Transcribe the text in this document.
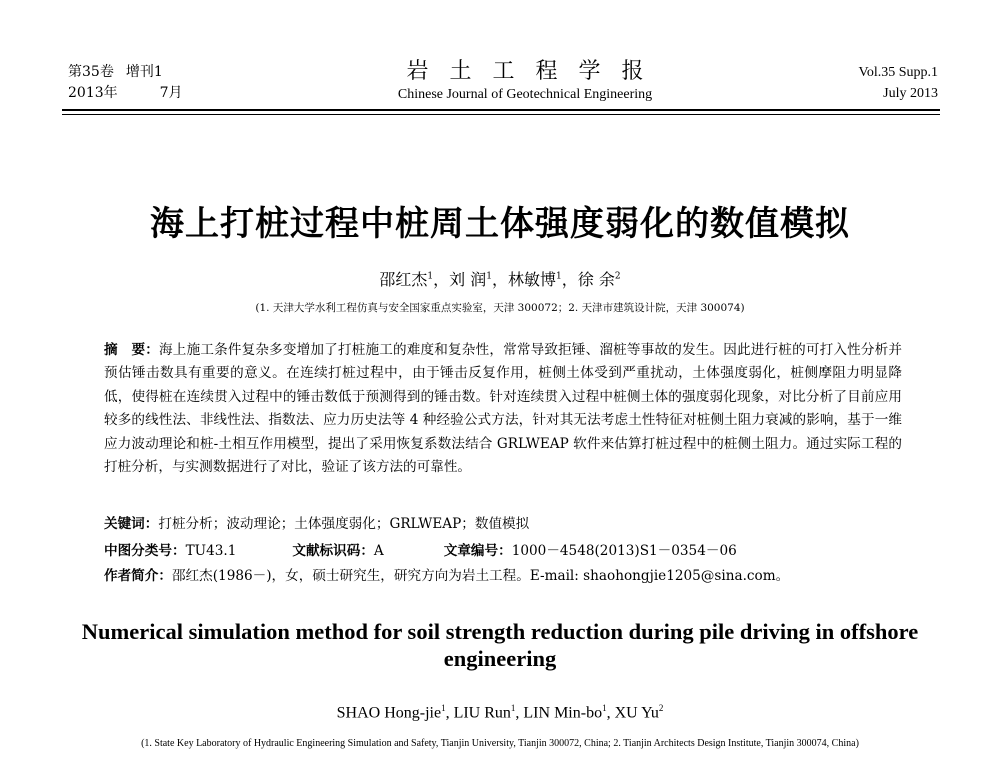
第35卷 增刊1
2013年	7月
岩土工程学报
Chinese Journal of Geotechnical Engineering
Vol.35 Supp.1
July 2013
海上打桩过程中桩周土体强度弱化的数值模拟
邵红杰$^1$，刘 润$^1$，林敏博$^1$，徐 余$^2$
(1. 天津大学水利工程仿真与安全国家重点实验室，天津 300072；2. 天津市建筑设计院，天津 300074)
摘　要：海上施工条件复杂多变增加了打桩施工的难度和复杂性，常常导致拒锤、溜桩等事故的发生。因此进行桩的可打入性分析并预估锤击数具有重要的意义。在连续打桩过程中，由于锤击反复作用，桩侧土体受到严重扰动，土体强度弱化，桩侧摩阻力明显降低，使得桩在连续贯入过程中的锤击数低于预测得到的锤击数。针对连续贯入过程中桩侧土体的强度弱化现象，对比分析了目前应用较多的线性法、非线性法、指数法、应力历史法等 4 种经验公式方法，针对其无法考虑土性特征对桩侧土阻力衰减的影响，基于一维应力波动理论和桩-土相互作用模型，提出了采用恢复系数法结合 GRLWEAP 软件来估算打桩过程中的桩侧土阻力。通过实际工程的打桩分析，与实测数据进行了对比，验证了该方法的可靠性。
关键词：打桩分析；波动理论；土体强度弱化；GRLWEAP；数值模拟
中图分类号：TU43.1	文献标识码：A	文章编号：1000－4548(2013)S1－0354－06
作者简介：邵红杰(1986－)，女，硕士研究生，研究方向为岩土工程。E-mail: shaohongjie1205@sina.com。
Numerical simulation method for soil strength reduction during pile driving in offshore engineering
SHAO Hong-jie$^1$, LIU Run$^1$, LIN Min-$bo^1$, XU Yu$^2$
(1. State Key Laboratory of Hydraulic Engineering Simulation and Safety, Tianjin University, Tianjin 300072, China; 2. Tianjin Architects Design Institute, Tianjin 300074, China)
